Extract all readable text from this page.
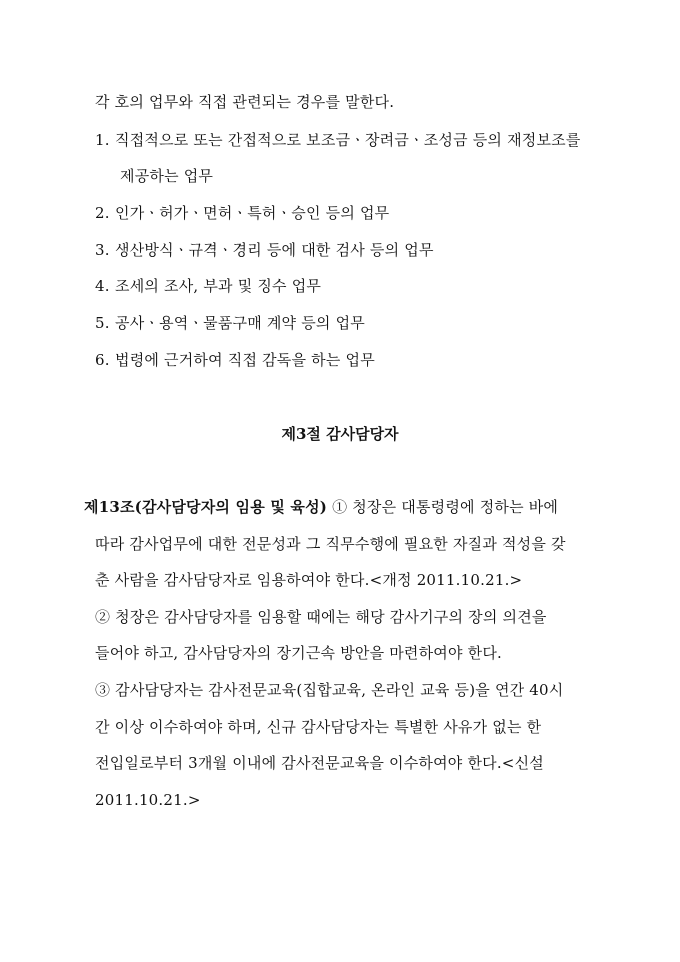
각 호의 업무와 직접 관련되는 경우를 말한다.
1. 직접적으로 또는 간접적으로 보조금ㆍ장려금ㆍ조성금 등의 재정보조를
제공하는 업무
2. 인가ㆍ허가ㆍ면허ㆍ특허ㆍ승인 등의 업무
3. 생산방식ㆍ규격ㆍ경리 등에 대한 검사 등의 업무
4. 조세의 조사, 부과 및 징수 업무
5. 공사ㆍ용역ㆍ물품구매 계약 등의 업무
6. 법령에 근거하여 직접 감독을 하는 업무
제3절 감사담당자
제13조(감사담당자의 임용 및 육성) ① 청장은 대통령령에 정하는 바에
따라 감사업무에 대한 전문성과 그 직무수행에 필요한 자질과 적성을 갖
춘 사람을 감사담당자로 임용하여야 한다.<개정 2011.10.21.>
② 청장은 감사담당자를 임용할 때에는 해당 감사기구의 장의 의견을
들어야 하고, 감사담당자의 장기근속 방안을 마련하여야 한다.
③ 감사담당자는 감사전문교육(집합교육, 온라인 교육 등)을 연간 40시
간 이상 이수하여야 하며, 신규 감사담당자는 특별한 사유가 없는 한
전입일로부터 3개월 이내에 감사전문교육을 이수하여야 한다.<신설
2011.10.21.>
